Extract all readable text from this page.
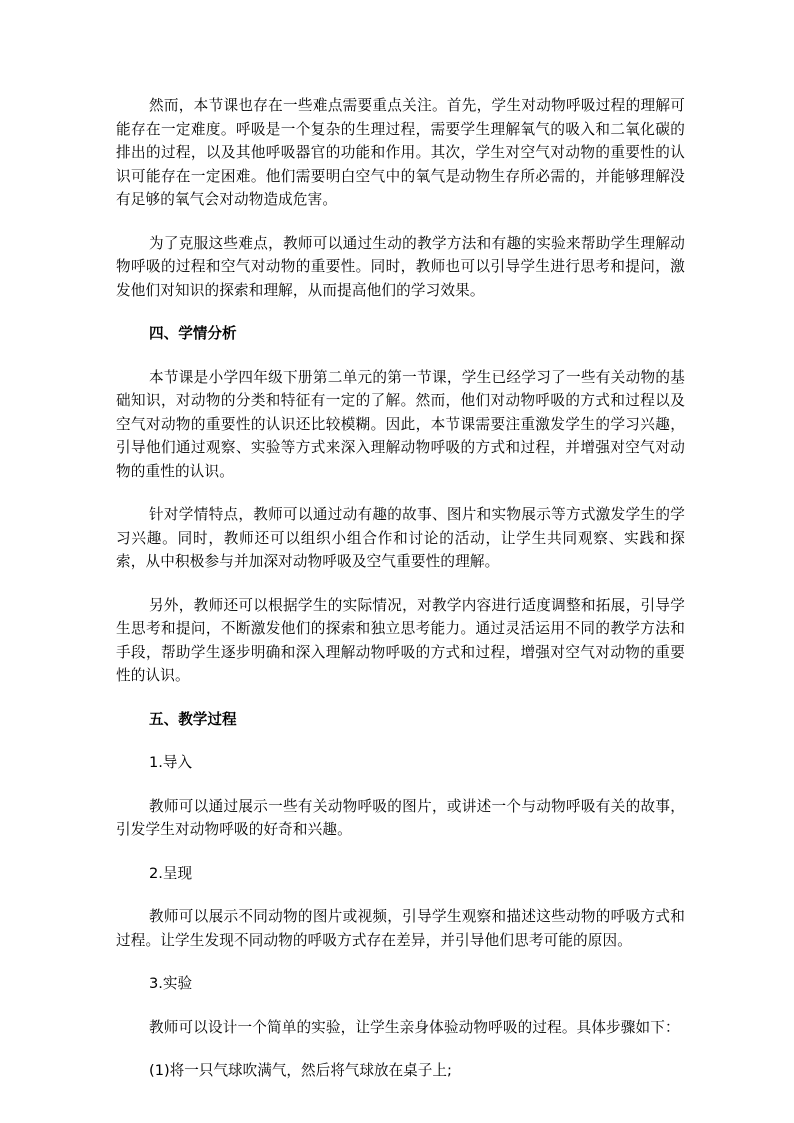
然而，本节课也存在一些难点需要重点关注。首先，学生对动物呼吸过程的理解可能存在一定难度。呼吸是一个复杂的生理过程，需要学生理解氧气的吸入和二氧化碳的排出的过程，以及其他呼吸器官的功能和作用。其次，学生对空气对动物的重要性的认识可能存在一定困难。他们需要明白空气中的氧气是动物生存所必需的，并能够理解没有足够的氧气会对动物造成危害。

为了克服这些难点，教师可以通过生动的教学方法和有趣的实验来帮助学生理解动物呼吸的过程和空气对动物的重要性。同时，教师也可以引导学生进行思考和提问，激发他们对知识的探索和理解，从而提高他们的学习效果。

四、学情分析

本节课是小学四年级下册第二单元的第一节课，学生已经学习了一些有关动物的基础知识，对动物的分类和特征有一定的了解。然而，他们对动物呼吸的方式和过程以及空气对动物的重要性的认识还比较模糊。因此，本节课需要注重激发学生的学习兴趣，引导他们通过观察、实验等方式来深入理解动物呼吸的方式和过程，并增强对空气对动物的重性的认识。

针对学情特点，教师可以通过动有趣的故事、图片和实物展示等方式激发学生的学习兴趣。同时，教师还可以组织小组合作和讨论的活动，让学生共同观察、实践和探索，从中积极参与并加深对动物呼吸及空气重要性的理解。

另外，教师还可以根据学生的实际情况，对教学内容进行适度调整和拓展，引导学生思考和提问，不断激发他们的探索和独立思考能力。通过灵活运用不同的教学方法和手段，帮助学生逐步明确和深入理解动物呼吸的方式和过程，增强对空气对动物的重要性的认识。

五、教学过程

1.导入

教师可以通过展示一些有关动物呼吸的图片，或讲述一个与动物呼吸有关的故事，引发学生对动物呼吸的好奇和兴趣。

2.呈现

教师可以展示不同动物的图片或视频，引导学生观察和描述这些动物的呼吸方式和过程。让学生发现不同动物的呼吸方式存在差异，并引导他们思考可能的原因。

3.实验

教师可以设计一个简单的实验，让学生亲身体验动物呼吸的过程。具体步骤如下：

(1)将一只气球吹满气，然后将气球放在桌子上;
